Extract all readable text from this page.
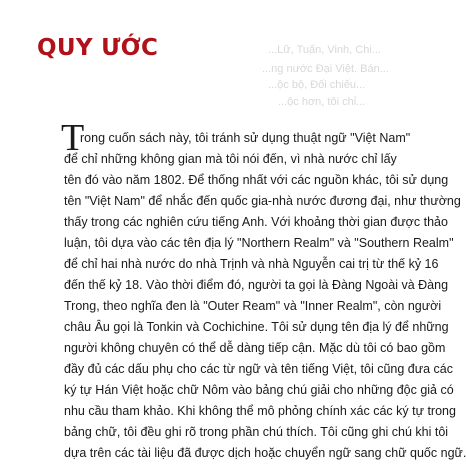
...Lữ, Tuấn, Vinh, Chi...
...ng nước Đại Việt. Bán...
...ộc bộ, Đối chiếu...
...ộc hơn, tôi chỉ...
QUY ƯỚC
T
rong cuốn sách này, tôi tránh sử dụng thuật ngữ "Việt Nam"
để chỉ những không gian mà tôi nói đến, vì nhà nước chỉ lấy
tên đó vào năm 1802. Để thống nhất với các nguồn khác, tôi sử dụng
tên "Việt Nam" để nhắc đến quốc gia-nhà nước đương đại, như thường
thấy trong các nghiên cứu tiếng Anh. Với khoảng thời gian được thảo
luận, tôi dựa vào các tên địa lý "Northern Realm" và "Southern Realm"
để chỉ hai nhà nước do nhà Trịnh và nhà Nguyễn cai trị từ thế kỷ 16
đến thế kỷ 18. Vào thời điểm đó, người ta gọi là Đàng Ngoài và Đàng
Trong, theo nghĩa đen là "Outer Ream" và "Inner Realm", còn người
châu Âu gọi là Tonkin và Cochichine. Tôi sử dụng tên địa lý để những
người không chuyên có thể dễ dàng tiếp cận. Mặc dù tôi có bao gồm
đầy đủ các dấu phụ cho các từ ngữ và tên tiếng Việt, tôi cũng đưa các
ký tự Hán Việt hoặc chữ Nôm vào bảng chú giải cho những độc giả có
nhu cầu tham khảo. Khi không thể mô phỏng chính xác các ký tự trong
bảng chữ, tôi đều ghi rõ trong phần chú thích. Tôi cũng ghi chú khi tôi
dựa trên các tài liệu đã được dịch hoặc chuyển ngữ sang chữ quốc ngữ.
